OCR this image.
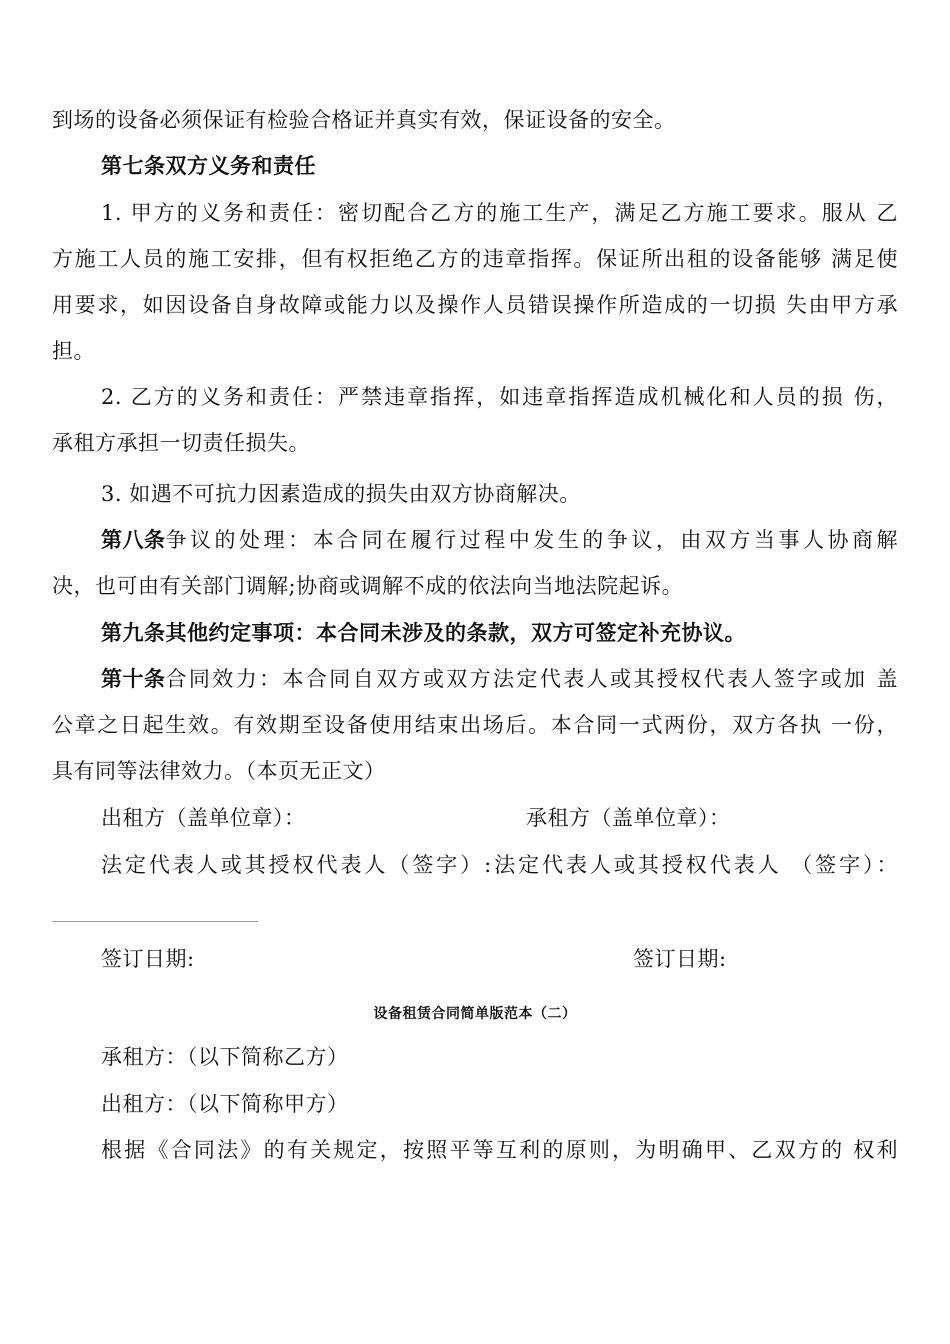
到场的设备必须保证有检验合格证并真实有效，保证设备的安全。
第七条双方义务和责任
1. 甲方的义务和责任：密切配合乙方的施工生产，满足乙方施工要求。服从 乙
方施工人员的施工安排，但有权拒绝乙方的违章指挥。保证所出租的设备能够 满足使
用要求，如因设备自身故障或能力以及操作人员错误操作所造成的一切损 失由甲方承
担。
2. 乙方的义务和责任：严禁违章指挥，如违章指挥造成机械化和人员的损 伤，
承租方承担一切责任损失。
3. 如遇不可抗力因素造成的损失由双方协商解决。
第八条 争议的处理：本合同在履行过程中发生的争议，由双方当事人协商解
决，也可由有关部门调解;协商或调解不成的依法向当地法院起诉。
第九条其他约定事项：本合同未涉及的条款，双方可签定补充协议。
第十条 合同效力：本合同自双方或双方法定代表人或其授权代表人签字或加 盖
公章之日起生效。有效期至设备使用结束出场后。本合同一式两份，双方各执 一份，
具有同等法律效力。（本页无正文）
出租方（盖单位章）：	承租方（盖单位章）：
法定代表人或其授权代表人（签字）:法定代表人或其授权代表人 （签字）：
签订日期:	签订日期:
设备租赁合同简单版范本（二）
承租方：（以下简称乙方）
出租方：（以下简称甲方）
根据《合同法》的有关规定，按照平等互利的原则，为明确甲、乙双方的 权利
